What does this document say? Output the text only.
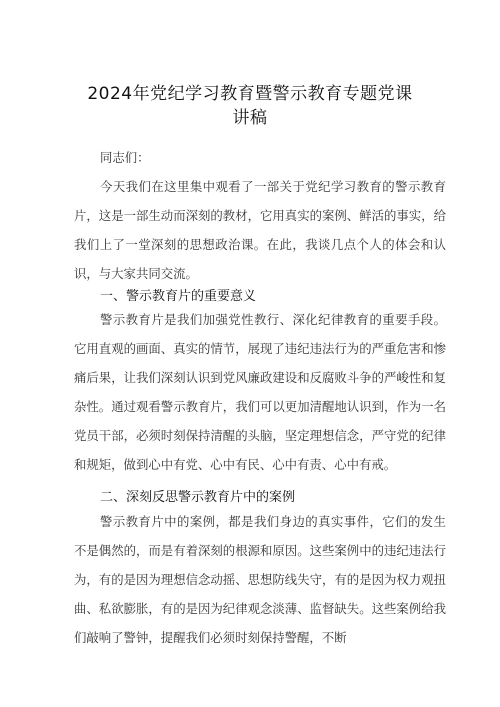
2024年党纪学习教育暨警示教育专题党课
讲稿
同志们：

今天我们在这里集中观看了一部关于党纪学习教育的警示教育片，这是一部生动而深刻的教材，它用真实的案例、鲜活的事实，给我们上了一堂深刻的思想政治课。在此，我谈几点个人的体会和认识，与大家共同交流。

一、警示教育片的重要意义

警示教育片是我们加强党性教行、深化纪律教育的重要手段。它用直观的画面、真实的情节，展现了违纪违法行为的严重危害和惨痛后果，让我们深刻认识到党风廉政建设和反腐败斗争的严峻性和复杂性。通过观看警示教育片，我们可以更加清醒地认识到，作为一名党员干部，必须时刻保持清醒的头脑，坚定理想信念，严守党的纪律和规矩，做到心中有党、心中有民、心中有责、心中有戒。

二、深刻反思警示教育片中的案例

警示教育片中的案例，都是我们身边的真实事件，它们的发生不是偶然的，而是有着深刻的根源和原因。这些案例中的违纪违法行为，有的是因为理想信念动摇、思想防线失守，有的是因为权力观扭曲、私欲膨胀，有的是因为纪律观念淡薄、监督缺失。这些案例给我们敲响了警钟，提醒我们必须时刻保持警醒，不断
